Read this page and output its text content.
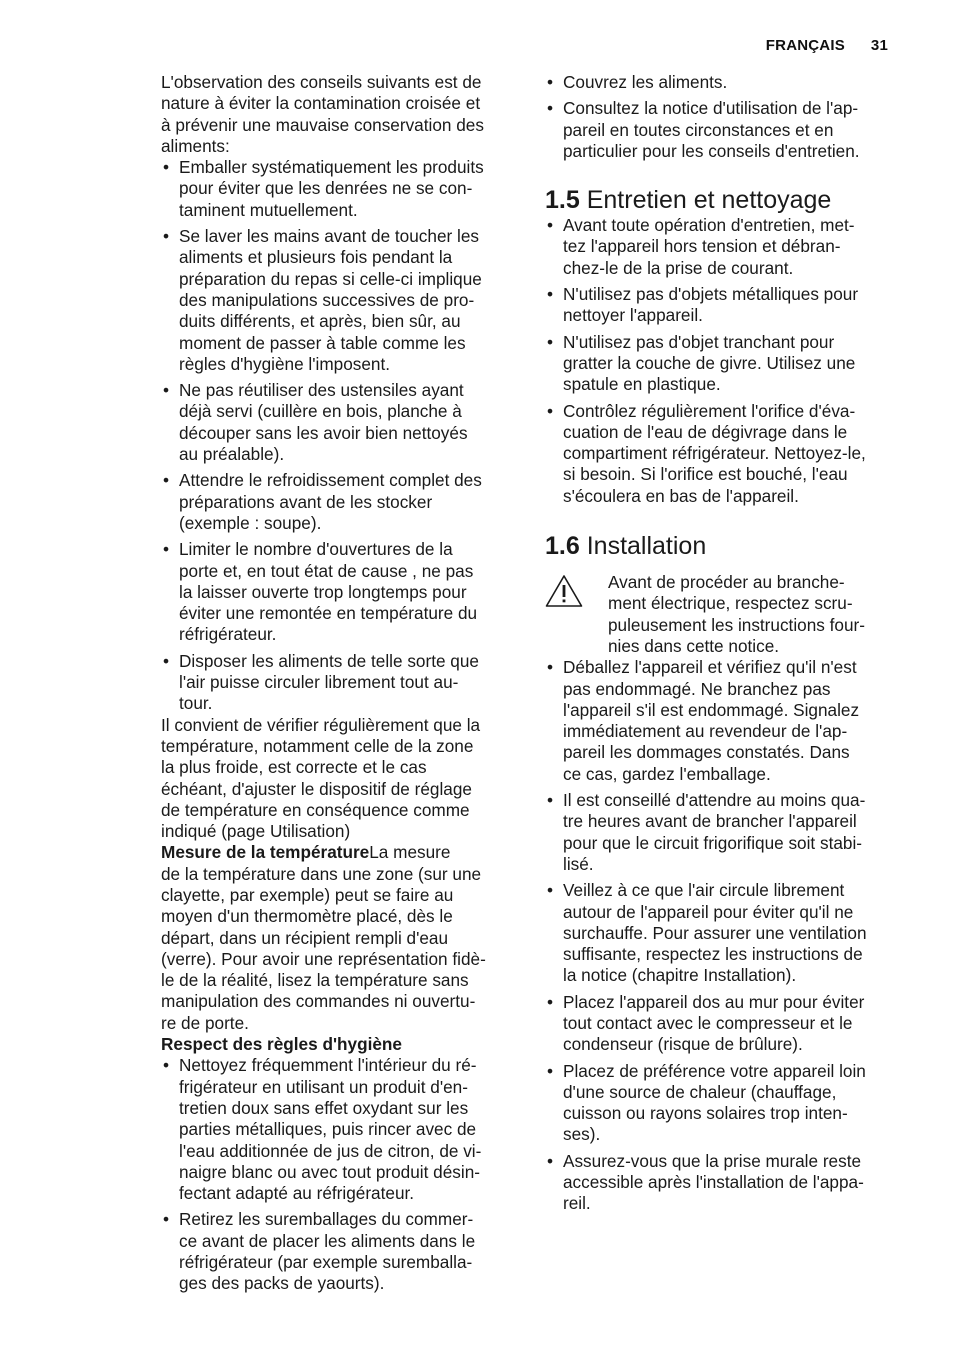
FRANÇAIS 31

L'observation des conseils suivants est de
nature à éviter la contamination croisée et
à prévenir une mauvaise conservation des
aliments:

• Emballer systématiquement les produits
pour éviter que les denrées ne se con-
taminent mutuellement.
• Se laver les mains avant de toucher les
aliments et plusieurs fois pendant la
préparation du repas si celle-ci implique
des manipulations successives de pro-
duits différents, et après, bien sûr, au
moment de passer à table comme les
règles d'hygiène l'imposent.
• Ne pas réutiliser des ustensiles ayant
déjà servi (cuillère en bois, planche à
découper sans les avoir bien nettoyés
au préalable).
• Attendre le refroidissement complet des
préparations avant de les stocker
(exemple : soupe).
• Limiter le nombre d'ouvertures de la
porte et, en tout état de cause , ne pas
la laisser ouverte trop longtemps pour
éviter une remontée en température du
réfrigérateur.
• Disposer les aliments de telle sorte que
l'air puisse circuler librement tout au-
tour.

Il convient de vérifier régulièrement que la
température, notamment celle de la zone
la plus froide, est correcte et le cas
échéant, d'ajuster le dispositif de réglage
de température en conséquence comme
indiqué (page Utilisation)

Mesure de la températureLa mesure
de la température dans une zone (sur une
clayette, par exemple) peut se faire au
moyen d'un thermomètre placé, dès le
départ, dans un récipient rempli d'eau
(verre). Pour avoir une représentation fidè-
le de la réalité, lisez la température sans
manipulation des commandes ni ouvertu-
re de porte.

Respect des règles d'hygiène

• Nettoyez fréquemment l'intérieur du ré-
frigérateur en utilisant un produit d'en-
tretien doux sans effet oxydant sur les
parties métalliques, puis rincer avec de
l'eau additionnée de jus de citron, de vi-
naigre blanc ou avec tout produit désin-
fectant adapté au réfrigérateur.
• Retirez les suremballages du commer-
ce avant de placer les aliments dans le
réfrigérateur (par exemple suremballa-
ges des packs de yaourts).
• Couvrez les aliments.
• Consultez la notice d'utilisation de l'ap-
pareil en toutes circonstances et en
particulier pour les conseils d'entretien.
1.5 Entretien et nettoyage
• Avant toute opération d'entretien, met-
tez l'appareil hors tension et débran-
chez-le de la prise de courant.
• N'utilisez pas d'objets métalliques pour
nettoyer l'appareil.
• N'utilisez pas d'objet tranchant pour
gratter la couche de givre. Utilisez une
spatule en plastique.
• Contrôlez régulièrement l'orifice d'éva-
cuation de l'eau de dégivrage dans le
compartiment réfrigérateur. Nettoyez-le,
si besoin. Si l'orifice est bouché, l'eau
s'écoulera en bas de l'appareil.
1.6 Installation
Avant de procéder au branche-
ment électrique, respectez scru-
puleusement les instructions four-
nies dans cette notice.
• Déballez l'appareil et vérifiez qu'il n'est
pas endommagé. Ne branchez pas
l'appareil s'il est endommagé. Signalez
immédiatement au revendeur de l'ap-
pareil les dommages constatés. Dans
ce cas, gardez l'emballage.
• Il est conseillé d'attendre au moins qua-
tre heures avant de brancher l'appareil
pour que le circuit frigorifique soit stabi-
lisé.
• Veillez à ce que l'air circule librement
autour de l'appareil pour éviter qu'il ne
surchauffe. Pour assurer une ventilation
suffisante, respectez les instructions de
la notice (chapitre Installation).
• Placez l'appareil dos au mur pour éviter
tout contact avec le compresseur et le
condenseur (risque de brûlure).
• Placez de préférence votre appareil loin
d'une source de chaleur (chauffage,
cuisson ou rayons solaires trop inten-
ses).
• Assurez-vous que la prise murale reste
accessible après l'installation de l'appa-
reil.
